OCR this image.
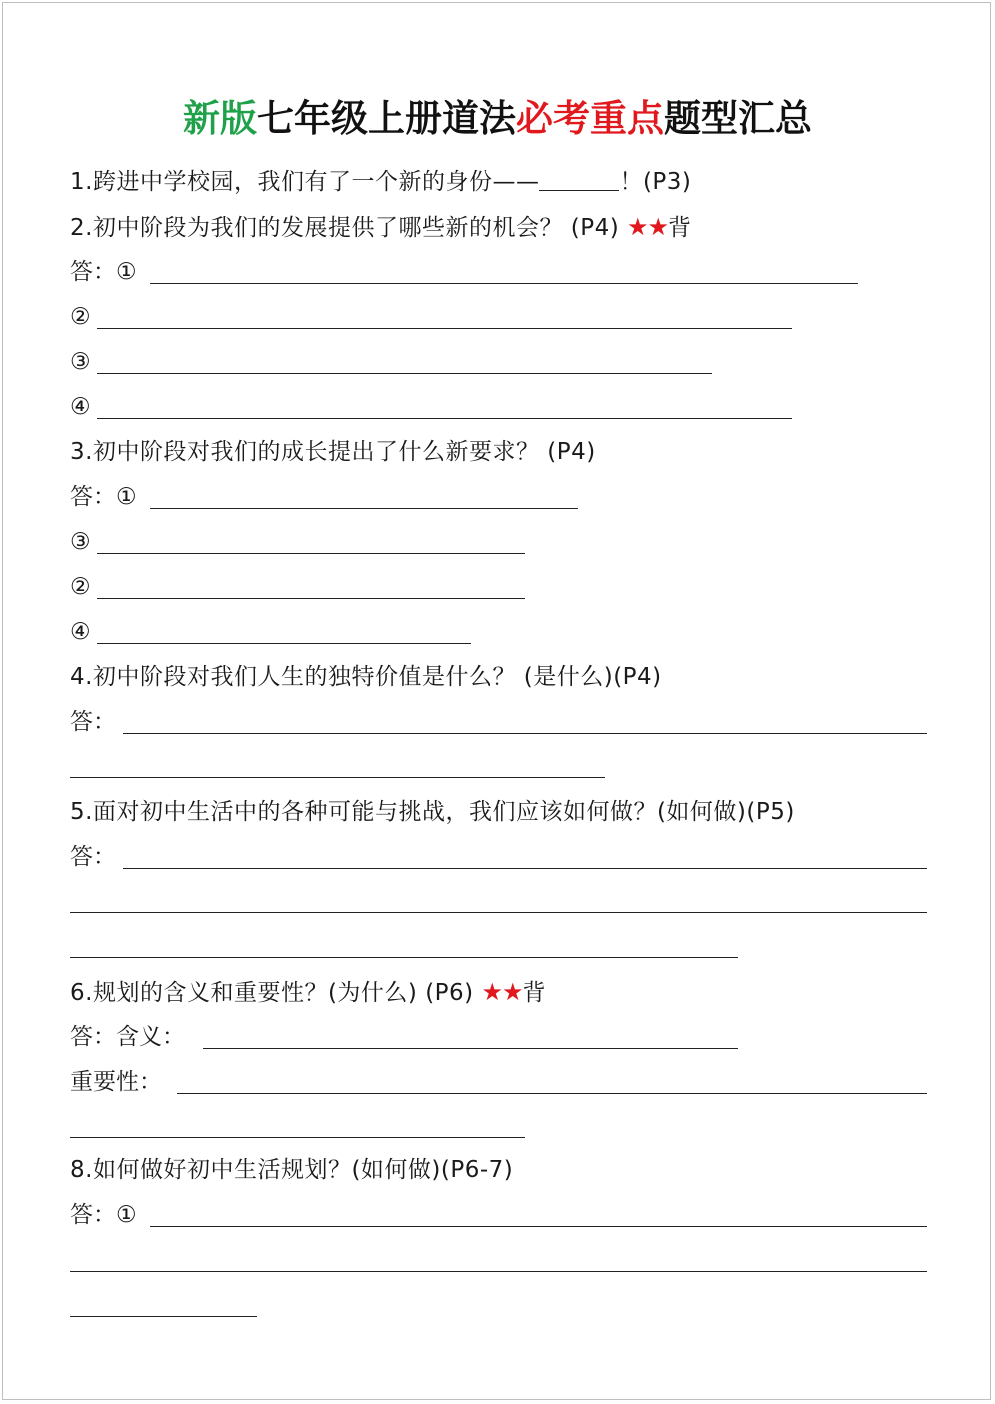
新版七年级上册道法必考重点题型汇总
1.跨进中学校园，我们有了一个新的身份——	！(P3)
2.初中阶段为我们的发展提供了哪些新的机会？ (P4) ★★背
答：①
②
③
④
3.初中阶段对我们的成长提出了什么新要求？ (P4)
答：①
③
②
④
4.初中阶段对我们人生的独特价值是什么？ (是什么)(P4)
答：
5.面对初中生活中的各种可能与挑战，我们应该如何做？(如何做)(P5)
答：
6.规划的含义和重要性？(为什么) (P6) ★★背
答：含义：
重要性：
8.如何做好初中生活规划？(如何做)(P6-7)
答：①
